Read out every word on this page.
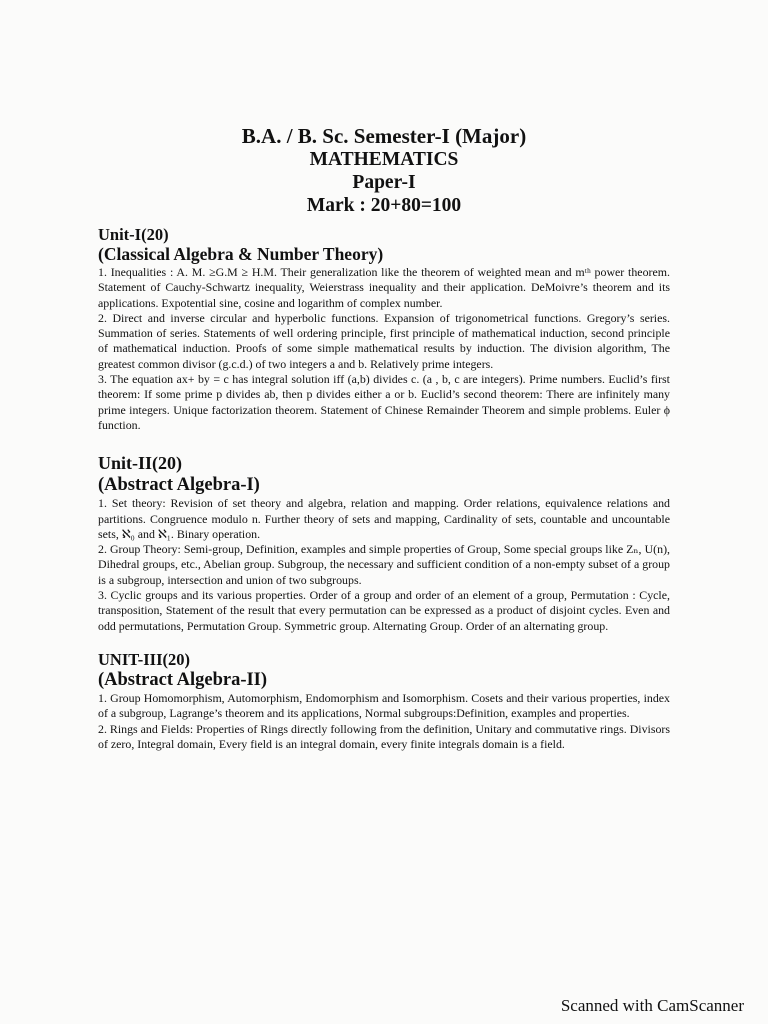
B.A. / B. Sc. Semester-I (Major)
MATHEMATICS
Paper-I
Mark : 20+80=100
Unit-I(20)
(Classical Algebra & Number Theory)

1. Inequalities : A. M. ≥G.M ≥ H.M. Their generalization like the theorem of weighted mean and mᵗʰ power theorem. Statement of Cauchy-Schwartz inequality, Weierstrass inequality and their application. DeMoivre’s theorem and its applications. Expotential sine, cosine and logarithm of complex number.

2. Direct and inverse circular and hyperbolic functions. Expansion of trigonometrical functions. Gregory’s series. Summation of series. Statements of well ordering principle, first principle of mathematical induction, second principle of mathematical induction. Proofs of some simple mathematical results by induction. The division algorithm, The greatest common divisor (g.c.d.) of two integers a and b. Relatively prime integers.

3. The equation ax+ by = c has integral solution iff (a,b) divides c. (a , b, c are integers). Prime numbers. Euclid’s first theorem: If some prime p divides ab, then p divides either a or b. Euclid’s second theorem: There are infinitely many prime integers. Unique factorization theorem. Statement of Chinese Remainder Theorem and simple problems. Euler ϕ function.

Unit-II(20)
(Abstract Algebra-I)

1. Set theory: Revision of set theory and algebra, relation and mapping. Order relations, equivalence relations and partitions. Congruence modulo n. Further theory of sets and mapping, Cardinality of sets, countable and uncountable sets, ℵ₀ and ℵ₁. Binary operation.

2. Group Theory: Semi-group, Definition, examples and simple properties of Group, Some special groups like Zₙ, U(n), Dihedral groups, etc., Abelian group. Subgroup, the necessary and sufficient condition of a non-empty subset of a group is a subgroup, intersection and union of two subgroups.

3. Cyclic groups and its various properties. Order of a group and order of an element of a group, Permutation : Cycle, transposition, Statement of the result that every permutation can be expressed as a product of disjoint cycles. Even and odd permutations, Permutation Group. Symmetric group. Alternating Group. Order of an alternating group.

UNIT-III(20)
(Abstract Algebra-II)

1. Group Homomorphism, Automorphism, Endomorphism and Isomorphism. Cosets and their various properties, index of a subgroup, Lagrange’s theorem and its applications, Normal subgroups:Definition, examples and properties.

2. Rings and Fields: Properties of Rings directly following from the definition, Unitary and commutative rings. Divisors of zero, Integral domain, Every field is an integral domain, every finite integrals domain is a field.

Scanned with CamScanner
